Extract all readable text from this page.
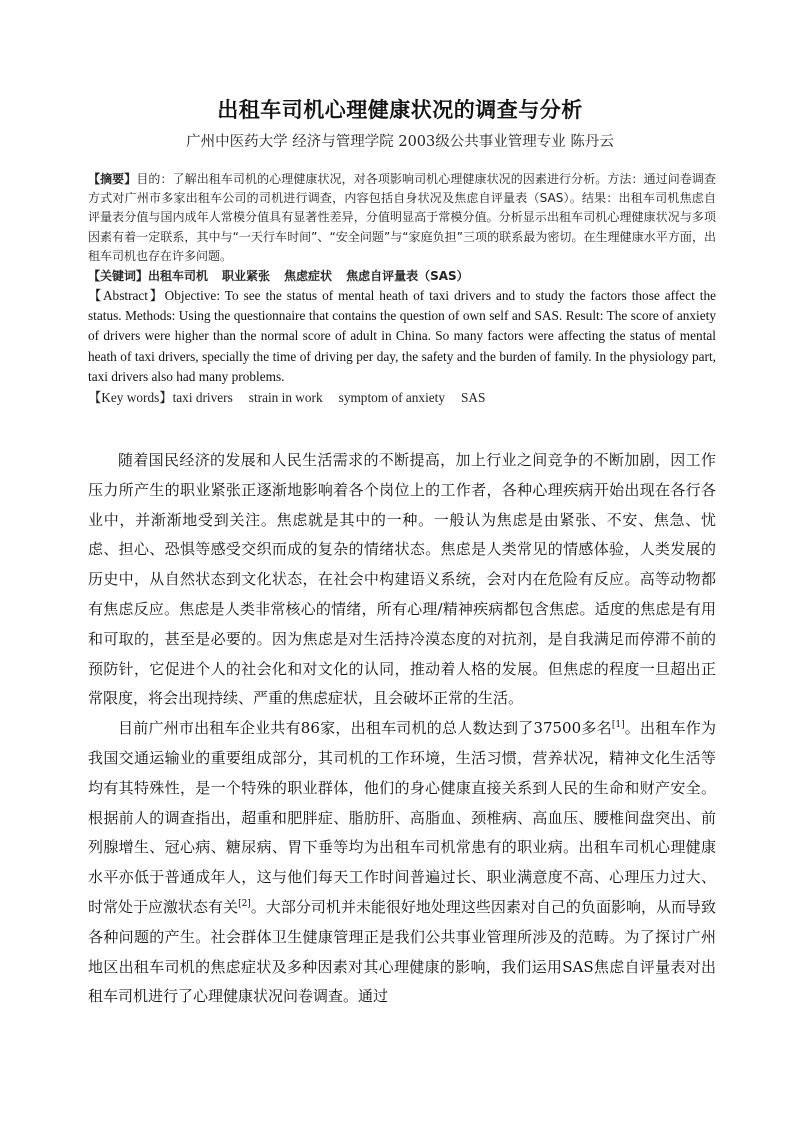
出租车司机心理健康状况的调查与分析
广州中医药大学 经济与管理学院 2003级公共事业管理专业 陈丹云
【摘要】目的：了解出租车司机的心理健康状况，对各项影响司机心理健康状况的因素进行分析。方法：通过问卷调查方式对广州市多家出租车公司的司机进行调查，内容包括自身状况及焦虑自评量表（SAS）。结果：出租车司机焦虑自评量表分值与国内成年人常模分值具有显著性差异，分值明显高于常模分值。分析显示出租车司机心理健康状况与多项因素有着一定联系，其中与“一天行车时间”、“安全问题”与“家庭负担”三项的联系最为密切。在生理健康水平方面，出租车司机也存在许多问题。
【关键词】出租车司机 职业紧张 焦虑症状 焦虑自评量表（SAS）
【Abstract】Objective: To see the status of mental heath of taxi drivers and to study the factors those affect the status. Methods: Using the questionnaire that contains the question of own self and SAS. Result: The score of anxiety of drivers were higher than the normal score of adult in China. So many factors were affecting the status of mental heath of taxi drivers, specially the time of driving per day, the safety and the burden of family. In the physiology part, taxi drivers also had many problems.
【Key words】taxi drivers strain in work symptom of anxiety SAS

随着国民经济的发展和人民生活需求的不断提高，加上行业之间竞争的不断加剧，因工作压力所产生的职业紧张正逐渐地影响着各个岗位上的工作者，各种心理疾病开始出现在各行各业中，并渐渐地受到关注。焦虑就是其中的一种。一般认为焦虑是由紧张、不安、焦急、忧虑、担心、恐惧等感受交织而成的复杂的情绪状态。焦虑是人类常见的情感体验，人类发展的历史中，从自然状态到文化状态，在社会中构建语义系统，会对内在危险有反应。高等动物都有焦虑反应。焦虑是人类非常核心的情绪，所有心理/精神疾病都包含焦虑。适度的焦虑是有用和可取的，甚至是必要的。因为焦虑是对生活持冷漠态度的对抗剂，是自我满足而停滞不前的预防针，它促进个人的社会化和对文化的认同，推动着人格的发展。但焦虑的程度一旦超出正常限度，将会出现持续、严重的焦虑症状，且会破坏正常的生活。

目前广州市出租车企业共有86家，出租车司机的总人数达到了37500多名[1]。出租车作为我国交通运输业的重要组成部分，其司机的工作环境，生活习惯，营养状况，精神文化生活等均有其特殊性，是一个特殊的职业群体，他们的身心健康直接关系到人民的生命和财产安全。根据前人的调查指出，超重和肥胖症、脂肪肝、高脂血、颈椎病、高血压、腰椎间盘突出、前列腺增生、冠心病、糖尿病、胃下垂等均为出租车司机常患有的职业病。出租车司机心理健康水平亦低于普通成年人，这与他们每天工作时间普遍过长、职业满意度不高、心理压力过大、时常处于应激状态有关[2]。大部分司机并未能很好地处理这些因素对自己的负面影响，从而导致各种问题的产生。社会群体卫生健康管理正是我们公共事业管理所涉及的范畴。为了探讨广州地区出租车司机的焦虑症状及多种因素对其心理健康的影响，我们运用SAS焦虑自评量表对出租车司机进行了心理健康状况问卷调查。通过
